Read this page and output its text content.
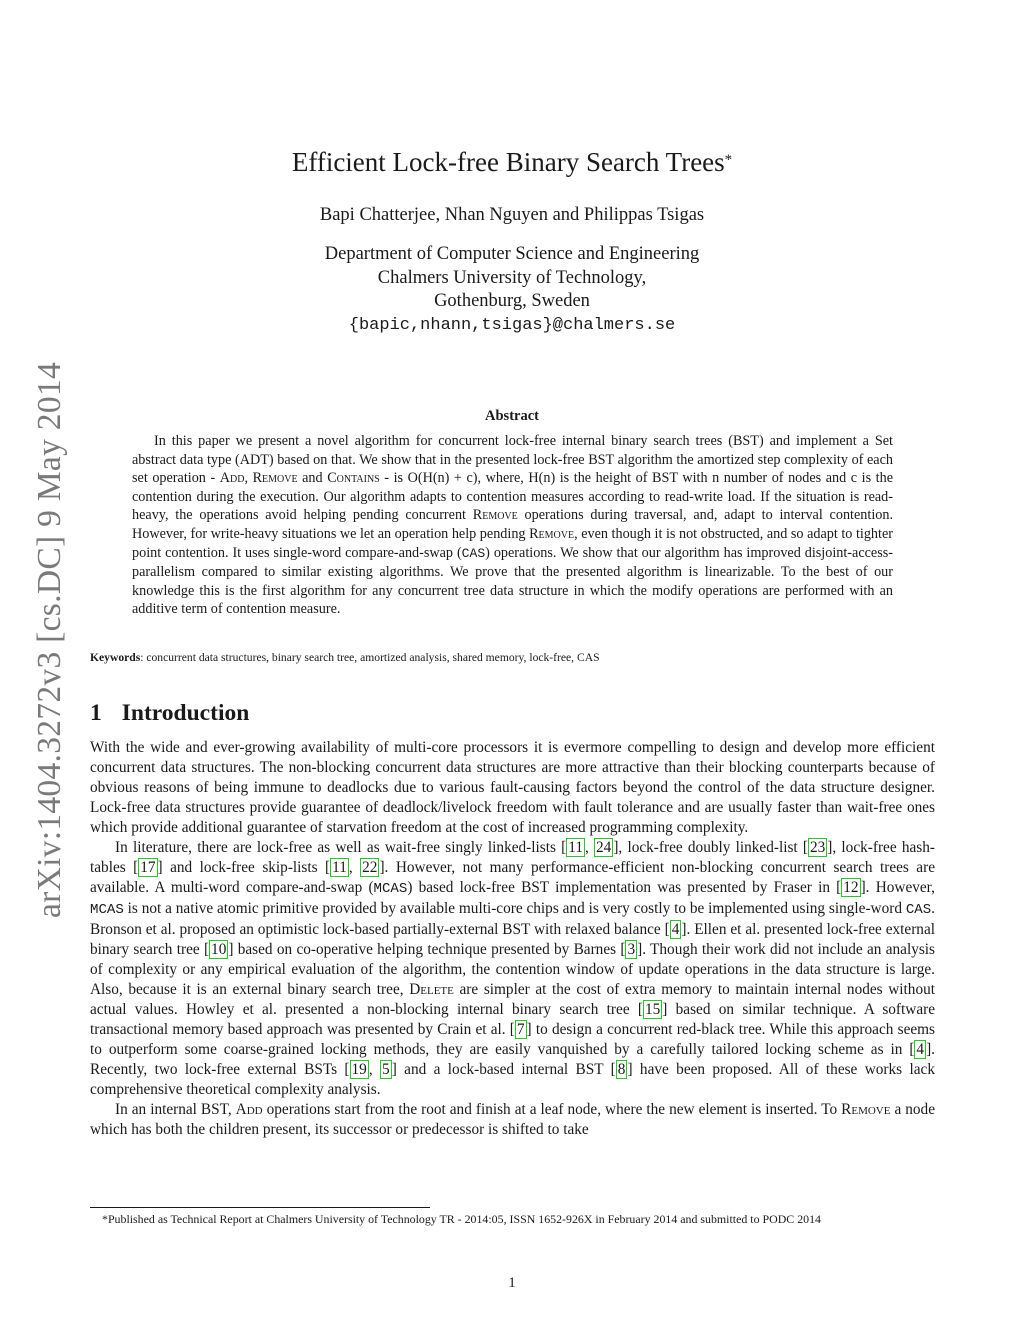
arXiv:1404.3272v3 [cs.DC] 9 May 2014
Efficient Lock-free Binary Search Trees*
Bapi Chatterjee, Nhan Nguyen and Philippas Tsigas
Department of Computer Science and Engineering
Chalmers University of Technology,
Gothenburg, Sweden
{bapic,nhann,tsigas}@chalmers.se
Abstract
In this paper we present a novel algorithm for concurrent lock-free internal binary search trees (BST) and implement a Set abstract data type (ADT) based on that. We show that in the presented lock-free BST algorithm the amortized step complexity of each set operation - Add, Remove and Contains - is O(H(n) + c), where, H(n) is the height of BST with n number of nodes and c is the contention during the execution. Our algorithm adapts to contention measures according to read-write load. If the situation is read-heavy, the operations avoid helping pending concurrent Remove operations during traversal, and, adapt to interval contention. However, for write-heavy situations we let an operation help pending Remove, even though it is not obstructed, and so adapt to tighter point contention. It uses single-word compare-and-swap (CAS) operations. We show that our algorithm has improved disjoint-access-parallelism compared to similar existing algorithms. We prove that the presented algorithm is linearizable. To the best of our knowledge this is the first algorithm for any concurrent tree data structure in which the modify operations are performed with an additive term of contention measure.
Keywords: concurrent data structures, binary search tree, amortized analysis, shared memory, lock-free, CAS
1 Introduction

With the wide and ever-growing availability of multi-core processors it is evermore compelling to design and develop more efficient concurrent data structures. The non-blocking concurrent data structures are more attractive than their blocking counterparts because of obvious reasons of being immune to deadlocks due to various fault-causing factors beyond the control of the data structure designer. Lock-free data structures provide guarantee of deadlock/livelock freedom with fault tolerance and are usually faster than wait-free ones which provide additional guarantee of starvation freedom at the cost of increased programming complexity.

In literature, there are lock-free as well as wait-free singly linked-lists [ 11 , 24 ], lock-free doubly linked-list [ 23 ], lock-free hash-tables [ 17 ] and lock-free skip-lists [ 11 , 22 ]. However, not many performance-efficient non-blocking concurrent search trees are available. A multi-word compare-and-swap (MCAS) based lock-free BST implementation was presented by Fraser in [ 12 ]. However, MCAS is not a native atomic primitive provided by available multi-core chips and is very costly to be implemented using single-word CAS. Bronson et al. proposed an optimistic lock-based partially-external BST with relaxed balance [ 4 ]. Ellen et al. presented lock-free external binary search tree [ 10 ] based on co-operative helping technique presented by Barnes [ 3 ]. Though their work did not include an analysis of complexity or any empirical evaluation of the algorithm, the contention window of update operations in the data structure is large. Also, because it is an external binary search tree, Delete are simpler at the cost of extra memory to maintain internal nodes without actual values. Howley et al. presented a non-blocking internal binary search tree [ 15 ] based on similar technique. A software transactional memory based approach was presented by Crain et al. [ 7 ] to design a concurrent red-black tree. While this approach seems to outperform some coarse-grained locking methods, they are easily vanquished by a carefully tailored locking scheme as in [ 4 ]. Recently, two lock-free external BSTs [ 19 , 5 ] and a lock-based internal BST [ 8 ] have been proposed. All of these works lack comprehensive theoretical complexity analysis.

In an internal BST, Add operations start from the root and finish at a leaf node, where the new element is inserted. To Remove a node which has both the children present, its successor or predecessor is shifted to take

*Published as Technical Report at Chalmers University of Technology TR - 2014:05, ISSN 1652-926X in February 2014 and submitted to PODC 2014
1
